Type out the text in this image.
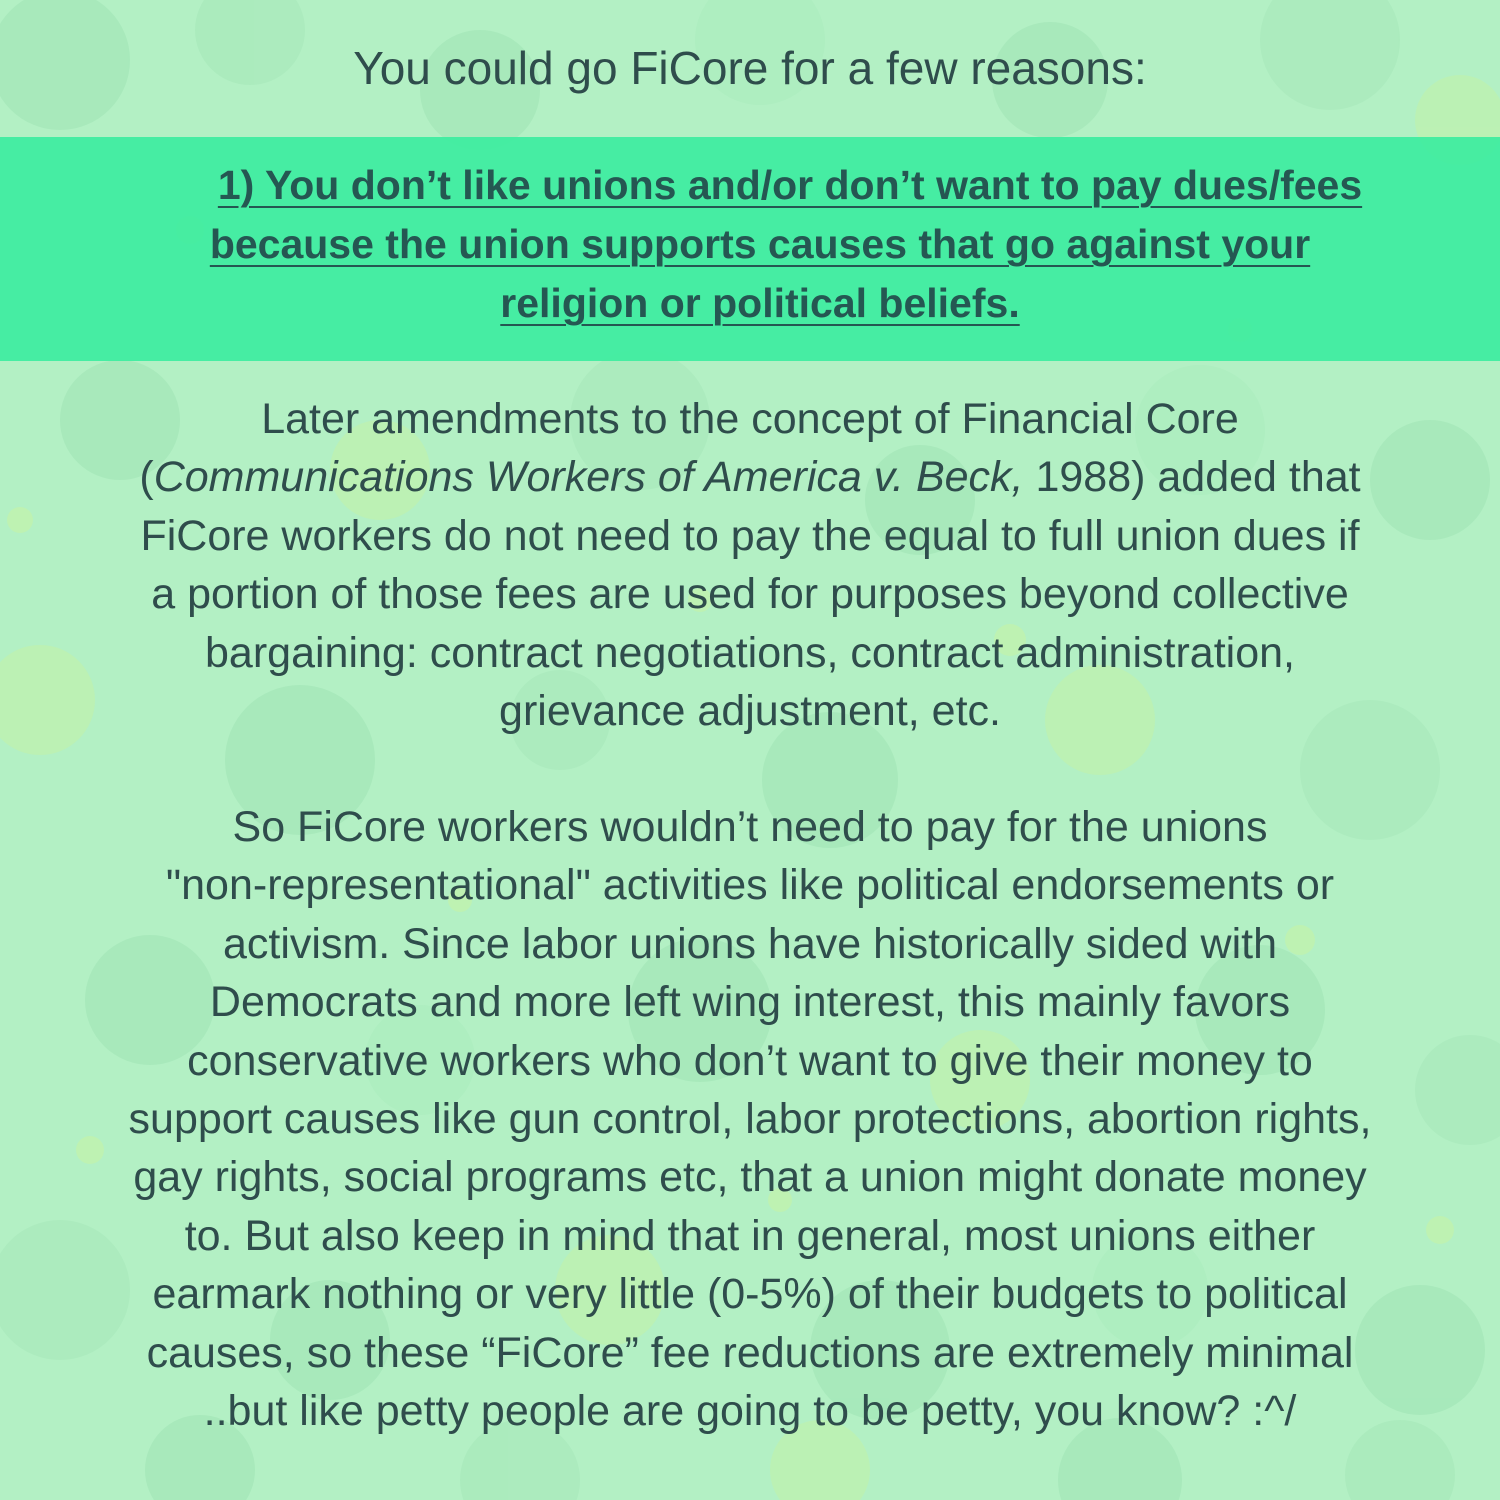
You could go FiCore for a few reasons:
1) You don’t like unions and/or don’t want to pay dues/fees
because the union supports causes that go against your
religion or political beliefs.
Later amendments to the concept of Financial Core
(Communications Workers of America v. Beck, 1988) added that
FiCore workers do not need to pay the equal to full union dues if
a portion of those fees are used for purposes beyond collective
bargaining: contract negotiations, contract administration,
grievance adjustment, etc.
So FiCore workers wouldn’t need to pay for the unions
"non-representational" activities like political endorsements or
activism. Since labor unions have historically sided with
Democrats and more left wing interest, this mainly favors
conservative workers who don’t want to give their money to
support causes like gun control, labor protections, abortion rights,
gay rights, social programs etc, that a union might donate money
to. But also keep in mind that in general, most unions either
earmark nothing or very little (0-5%) of their budgets to political
causes, so these “FiCore” fee reductions are extremely minimal
..but like petty people are going to be petty, you know? :^/
